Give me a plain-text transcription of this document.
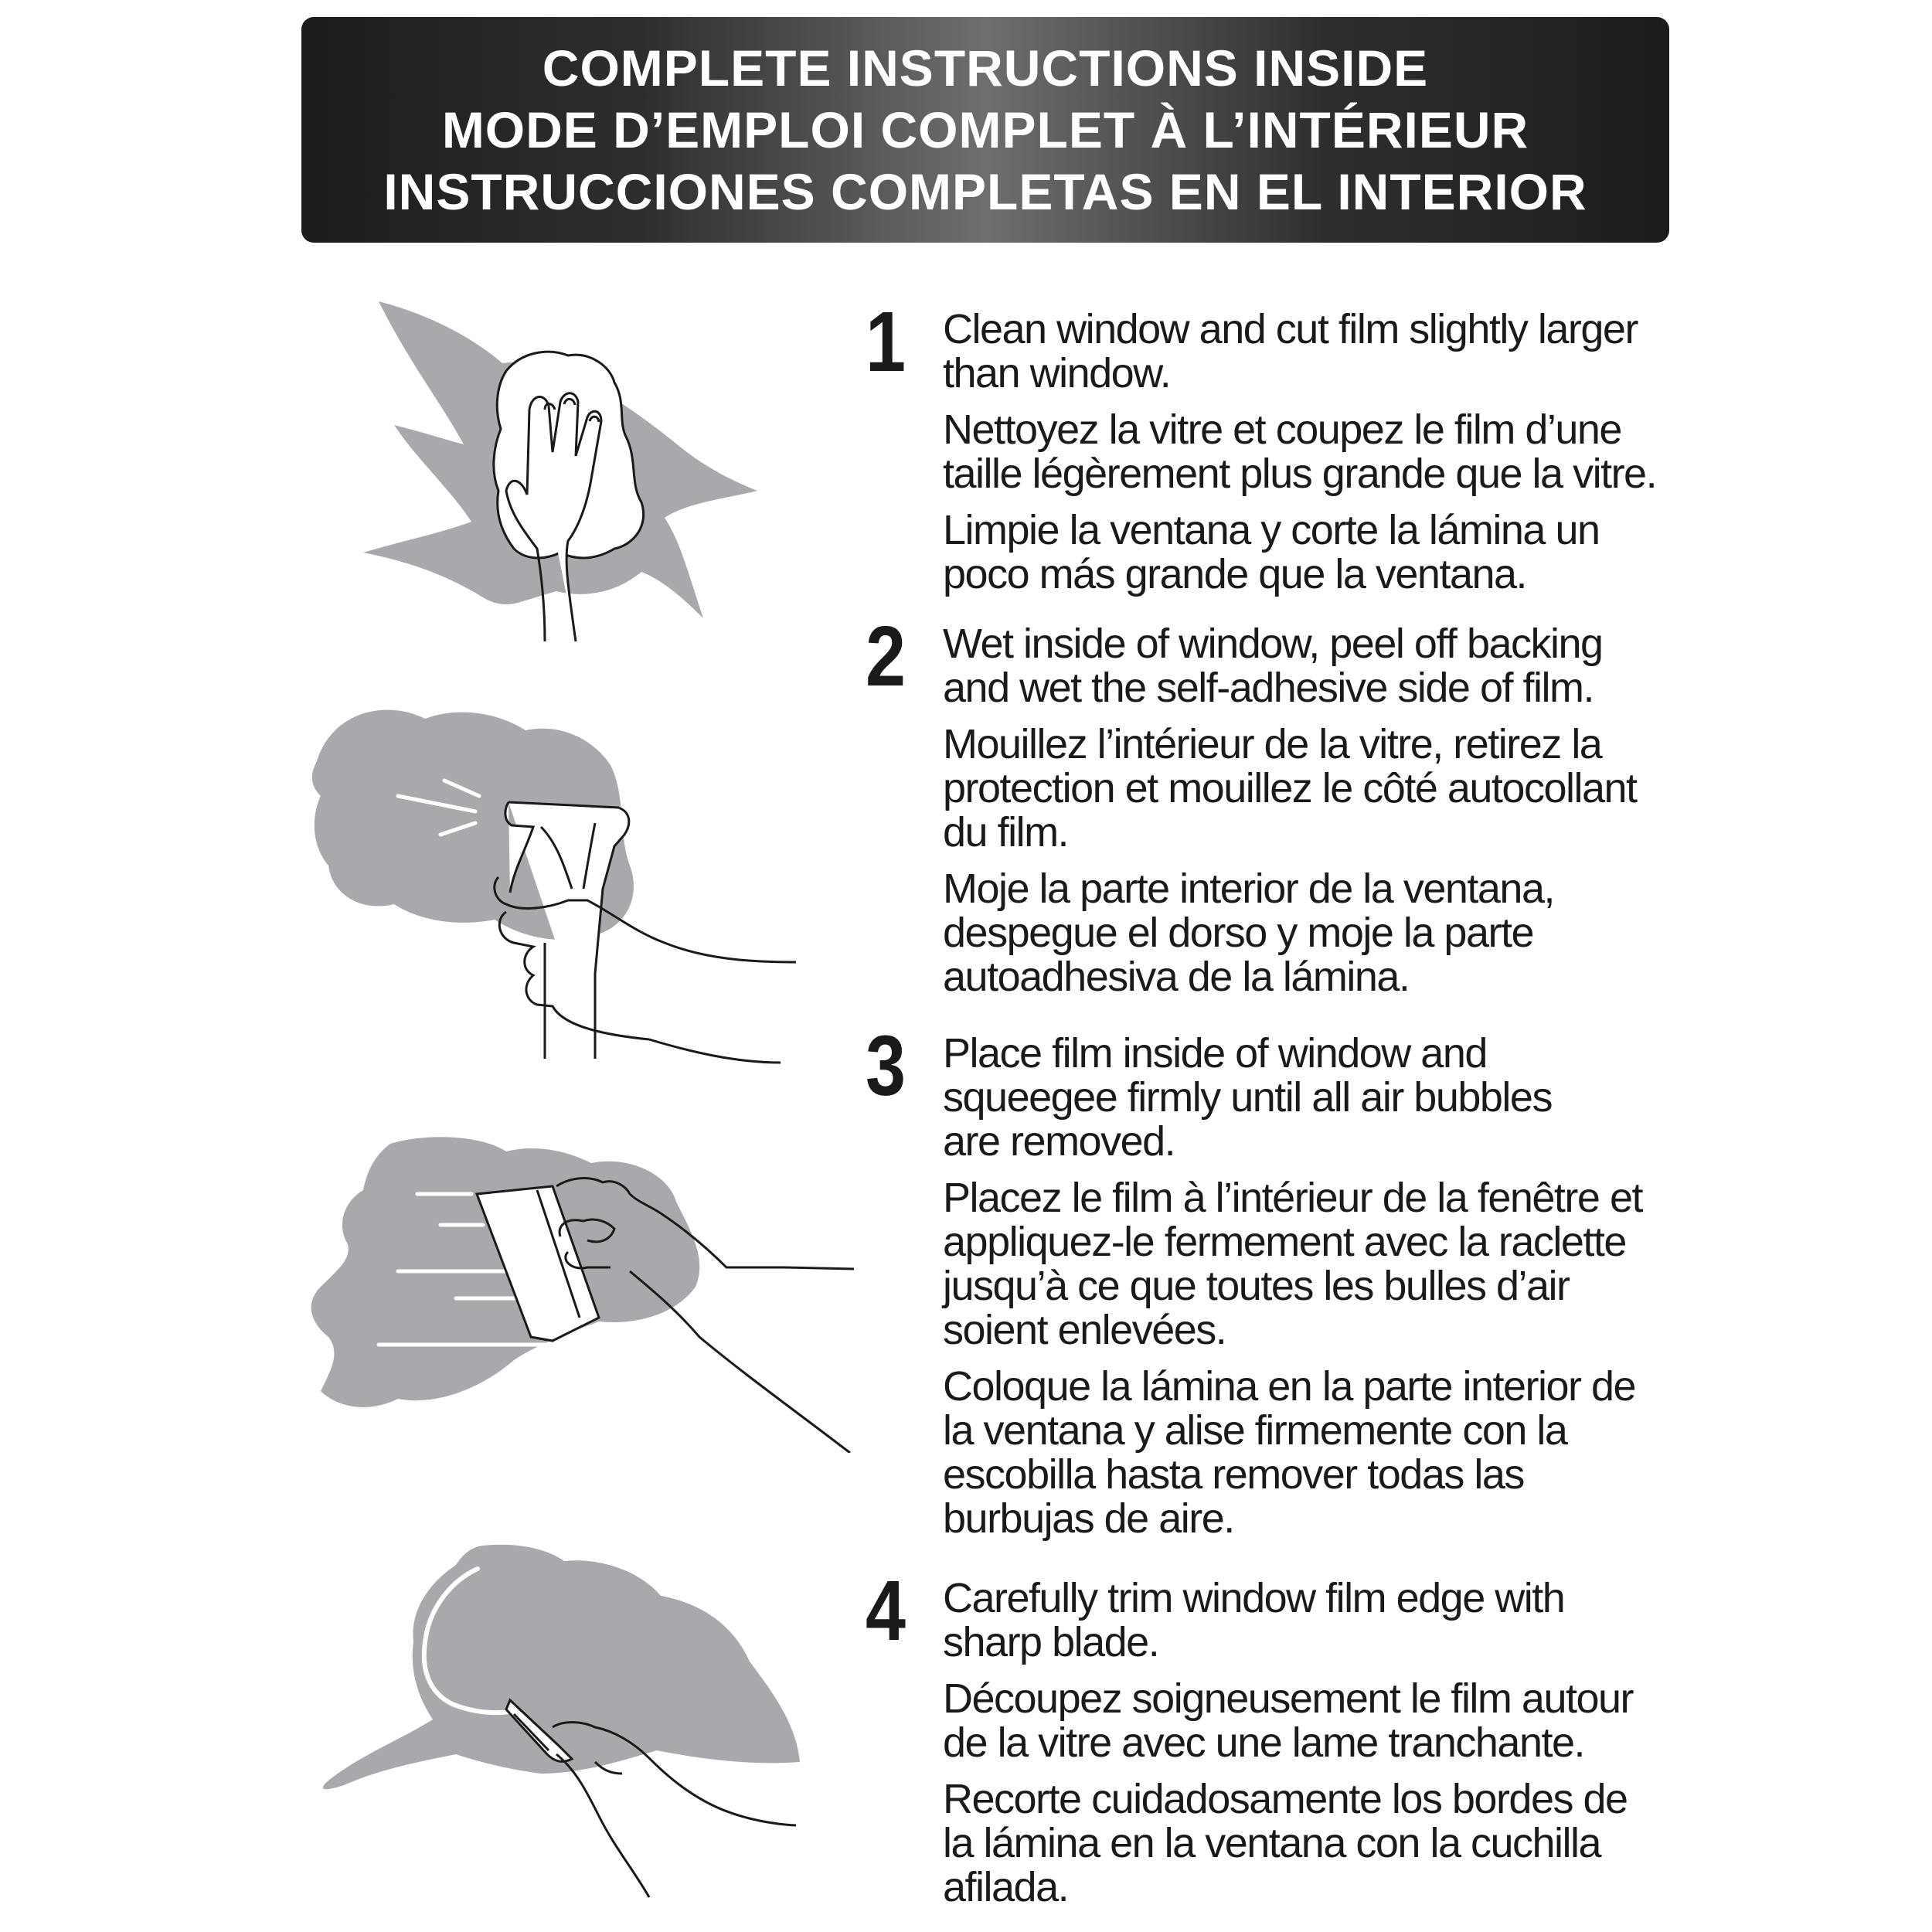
COMPLETE INSTRUCTIONS INSIDE
MODE D’EMPLOI COMPLET À L’INTÉRIEUR
INSTRUCCIONES COMPLETAS EN EL INTERIOR
1 Clean window and cut film slightly larger
than window.

Nettoyez la vitre et coupez le film d’une
taille légèrement plus grande que la vitre.

Limpie la ventana y corte la lámina un
poco más grande que la ventana.

2 Wet inside of window, peel off backing
and wet the self-adhesive side of film.

Mouillez l’intérieur de la vitre, retirez la
protection et mouillez le côté autocollant
du film.

Moje la parte interior de la ventana,
despegue el dorso y moje la parte
autoadhesiva de la lámina.

3 Place film inside of window and
squeegee firmly until all air bubbles
are removed.

Placez le film à l’intérieur de la fenêtre et
appliquez-le fermement avec la raclette
jusqu’à ce que toutes les bulles d’air
soient enlevées.

Coloque la lámina en la parte interior de
la ventana y alise firmemente con la
escobilla hasta remover todas las
burbujas de aire.

4 Carefully trim window film edge with
sharp blade.

Découpez soigneusement le film autour
de la vitre avec une lame tranchante.

Recorte cuidadosamente los bordes de
la lámina en la ventana con la cuchilla
afilada.
